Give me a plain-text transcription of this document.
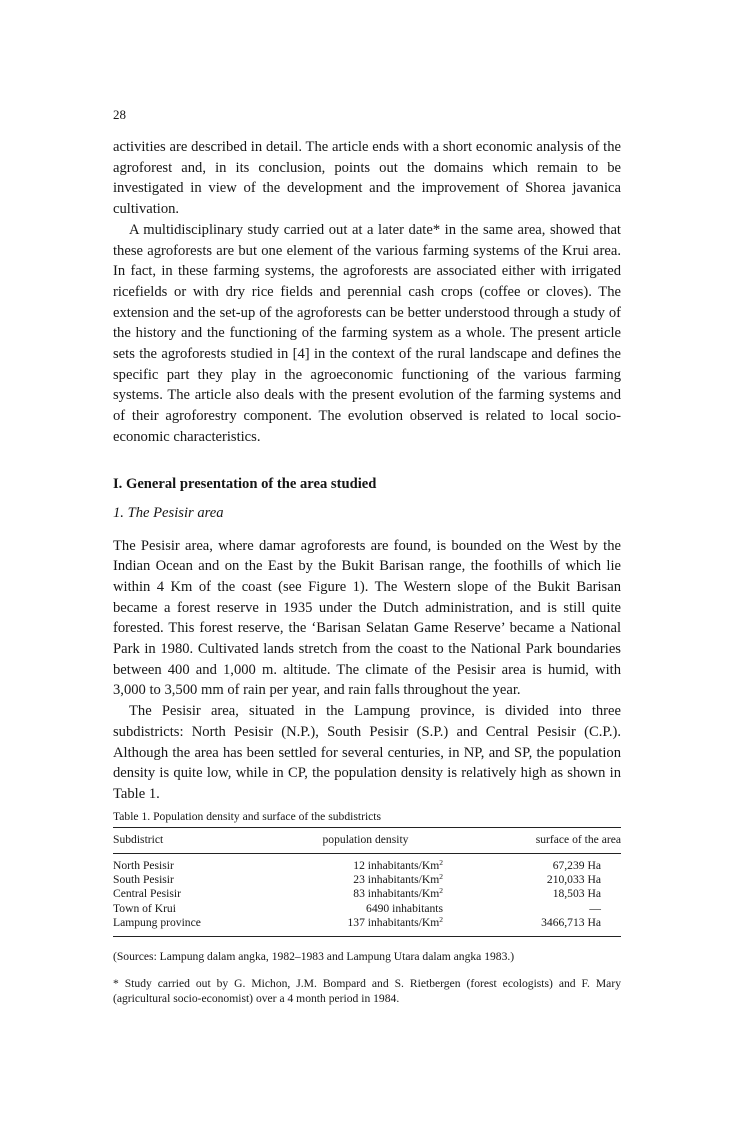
28

activities are described in detail. The article ends with a short economic analysis of the agroforest and, in its conclusion, points out the domains which remain to be investigated in view of the development and the improvement of Shorea javanica cultivation.

A multidisciplinary study carried out at a later date* in the same area, showed that these agroforests are but one element of the various farming systems of the Krui area. In fact, in these farming systems, the agroforests are associated either with irrigated ricefields or with dry rice fields and perennial cash crops (coffee or cloves). The extension and the set-up of the agroforests can be better understood through a study of the history and the functioning of the farming system as a whole. The present article sets the agroforests studied in [4] in the context of the rural landscape and defines the specific part they play in the agroeconomic functioning of the various farming systems. The article also deals with the present evolution of the farming systems and of their agroforestry component. The evolution observed is related to local socio-economic characteristics.

I. General presentation of the area studied
1. The Pesisir area

The Pesisir area, where damar agroforests are found, is bounded on the West by the Indian Ocean and on the East by the Bukit Barisan range, the foothills of which lie within 4 Km of the coast (see Figure 1). The Western slope of the Bukit Barisan became a forest reserve in 1935 under the Dutch administration, and is still quite forested. This forest reserve, the ‘Barisan Selatan Game Reserve’ became a National Park in 1980. Cultivated lands stretch from the coast to the National Park boundaries between 400 and 1,000 m. altitude. The climate of the Pesisir area is humid, with 3,000 to 3,500 mm of rain per year, and rain falls throughout the year.

The Pesisir area, situated in the Lampung province, is divided into three subdistricts: North Pesisir (N.P.), South Pesisir (S.P.) and Central Pesisir (C.P.). Although the area has been settled for several centuries, in NP, and SP, the population density is quite low, while in CP, the population density is relatively high as shown in Table 1.

Table 1. Population density and surface of the subdistricts
Subdistrict	population density	surface of the area
North Pesisir	12 inhabitants/Km$^2$	67,239 Ha
South Pesisir	23 inhabitants/Km$^2$	210,033 Ha
Central Pesisir	83 inhabitants/Km$^2$	18,503 Ha
Town of Krui	6490 inhabitants	—
Lampung province	137 inhabitants/Km$^2$	3466,713 Ha

(Sources: Lampung dalam angka, 1982–1983 and Lampung Utara dalam angka 1983.)

* Study carried out by G. Michon, J.M. Bompard and S. Rietbergen (forest ecologists) and F. Mary (agricultural socio-economist) over a 4 month period in 1984.
